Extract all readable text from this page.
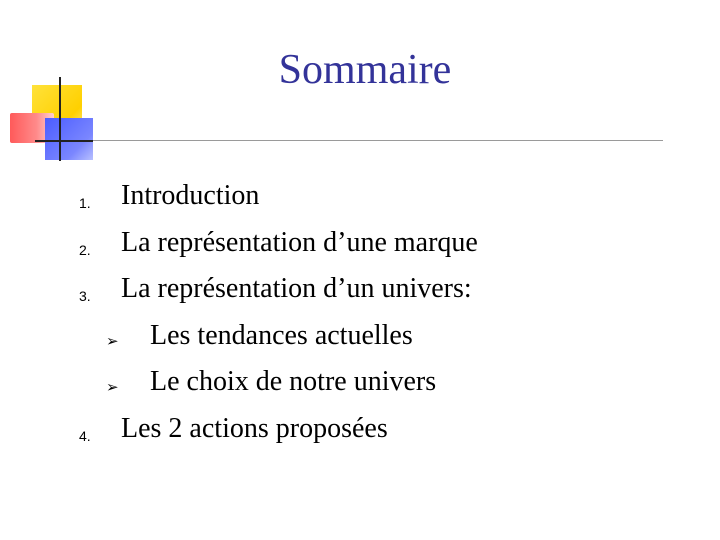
Sommaire
1. Introduction
2. La représentation d’une marque
3. La représentation d’un univers:
➢ Les tendances actuelles
➢ Le choix de notre univers
4. Les 2 actions proposées
